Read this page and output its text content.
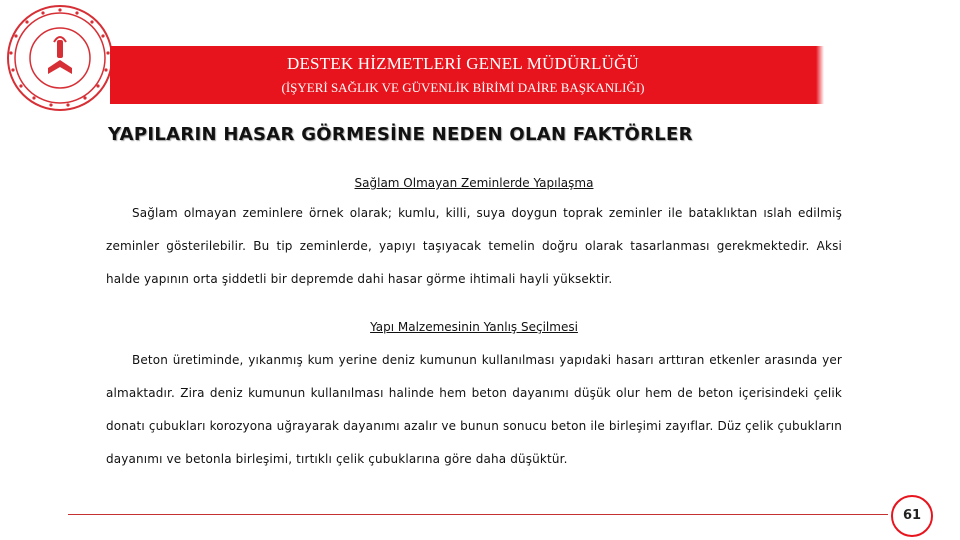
DESTEK HİZMETLERİ GENEL MÜDÜRLÜĞÜ
(İŞYERİ SAĞLIK VE GÜVENLİK BİRİMİ DAİRE BAŞKANLIĞI)
YAPILARIN HASAR GÖRMESİNE NEDEN OLAN FAKTÖRLER
Sağlam Olmayan Zeminlerde Yapılaşma

Sağlam olmayan zeminlere örnek olarak; kumlu, killi, suya doygun toprak zeminler ile bataklıktan ıslah edilmiş zeminler gösterilebilir. Bu tip zeminlerde, yapıyı taşıyacak temelin doğru olarak tasarlanması gerekmektedir. Aksi halde yapının orta şiddetli bir depremde dahi hasar görme ihtimali hayli yüksektir.

Yapı Malzemesinin Yanlış Seçilmesi

Beton üretiminde, yıkanmış kum yerine deniz kumunun kullanılması yapıdaki hasarı arttıran etkenler arasında yer almaktadır. Zira deniz kumunun kullanılması halinde hem beton dayanımı düşük olur hem de beton içerisindeki çelik donatı çubukları korozyona uğrayarak dayanımı azalır ve bunun sonucu beton ile birleşimi zayıflar. Düz çelik çubukların dayanımı ve betonla birleşimi, tırtıklı çelik çubuklarına göre daha düşüktür.

61
